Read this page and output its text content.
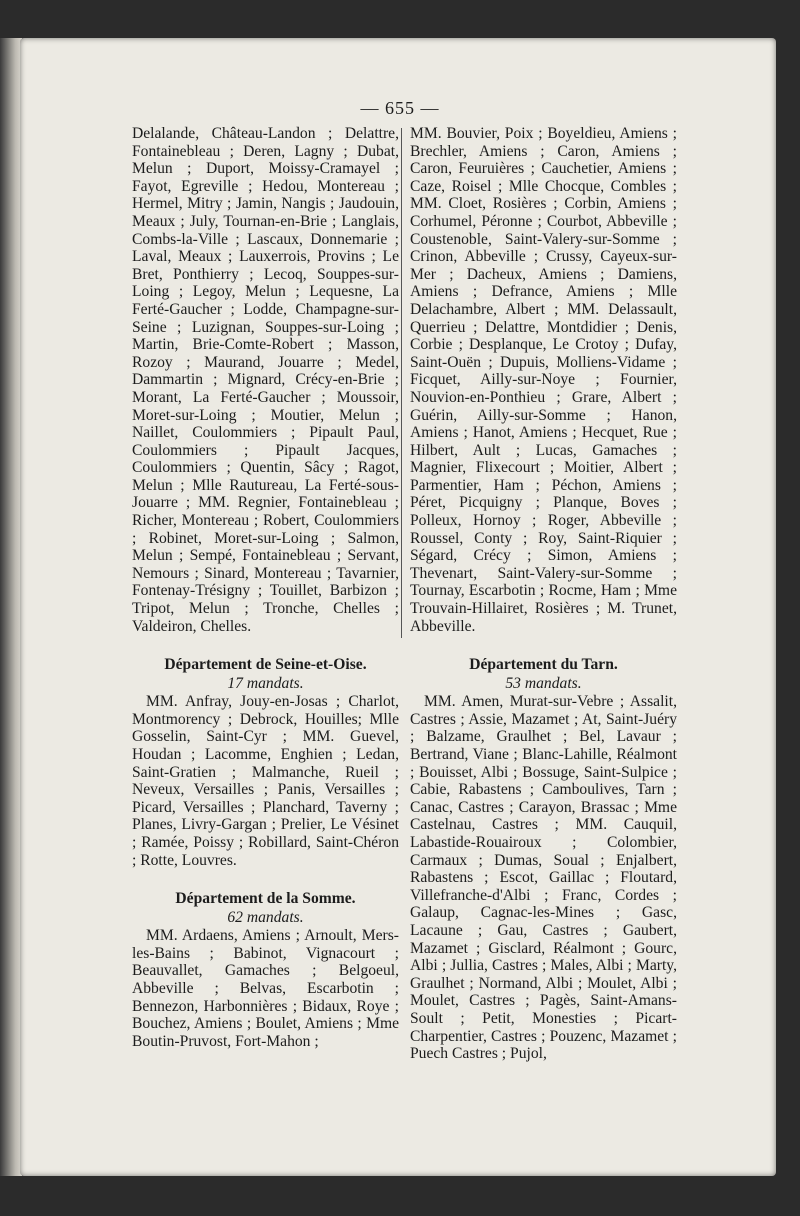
— 655 —

Delalande, Château-Landon ; Delattre, Fontainebleau ; Deren, Lagny ; Dubat, Melun ; Duport, Moissy-Cramayel ; Fayot, Egreville ; Hedou, Montereau ; Hermel, Mitry ; Jamin, Nangis ; Jaudouin, Meaux ; July, Tournan-en-Brie ; Langlais, Combs-la-Ville ; Lascaux, Donnemarie ; Laval, Meaux ; Lauxerrois, Provins ; Le Bret, Ponthierry ; Lecoq, Souppes-sur-Loing ; Legoy, Melun ; Lequesne, La Ferté-Gaucher ; Lodde, Champagne-sur-Seine ; Luzignan, Souppes-sur-Loing ; Martin, Brie-Comte-Robert ; Masson, Rozoy ; Maurand, Jouarre ; Medel, Dammartin ; Mignard, Crécy-en-Brie ; Morant, La Ferté-Gaucher ; Moussoir, Moret-sur-Loing ; Moutier, Melun ; Naillet, Coulommiers ; Pipault Paul, Coulommiers ; Pipault Jacques, Coulommiers ; Quentin, Sâcy ; Ragot, Melun ; Mlle Rautureau, La Ferté-sous-Jouarre ; MM. Regnier, Fontainebleau ; Richer, Montereau ; Robert, Coulommiers ; Robinet, Moret-sur-Loing ; Salmon, Melun ; Sempé, Fontainebleau ; Servant, Nemours ; Sinard, Montereau ; Tavarnier, Fontenay-Trésigny ; Touillet, Barbizon ; Tripot, Melun ; Tronche, Chelles ; Valdeiron, Chelles.

Département de Seine-et-Oise.

17 mandats.

MM. Anfray, Jouy-en-Josas ; Charlot, Montmorency ; Debrock, Houilles; Mlle Gosselin, Saint-Cyr ; MM. Guevel, Houdan ; Lacomme, Enghien ; Ledan, Saint-Gratien ; Malmanche, Rueil ; Neveux, Versailles ; Panis, Versailles ; Picard, Versailles ; Planchard, Taverny ; Planes, Livry-Gargan ; Prelier, Le Vésinet ; Ramée, Poissy ; Robillard, Saint-Chéron ; Rotte, Louvres.

Département de la Somme.

62 mandats.

MM. Ardaens, Amiens ; Arnoult, Mers-les-Bains ; Babinot, Vignacourt ; Beauvallet, Gamaches ; Belgoeul, Abbeville ; Belvas, Escarbotin ; Bennezon, Harbonnières ; Bidaux, Roye ; Bouchez, Amiens ; Boulet, Amiens ; Mme Boutin-Pruvost, Fort-Mahon ;

MM. Bouvier, Poix ; Boyeldieu, Amiens ; Brechler, Amiens ; Caron, Amiens ; Caron, Feuruières ; Cauchetier, Amiens ; Caze, Roisel ; Mlle Chocque, Combles ; MM. Cloet, Rosières ; Corbin, Amiens ; Corhumel, Péronne ; Courbot, Abbeville ; Coustenoble, Saint-Valery-sur-Somme ; Crinon, Abbeville ; Crussy, Cayeux-sur-Mer ; Dacheux, Amiens ; Damiens, Amiens ; Defrance, Amiens ; Mlle Delachambre, Albert ; MM. Delassault, Querrieu ; Delattre, Montdidier ; Denis, Corbie ; Desplanque, Le Crotoy ; Dufay, Saint-Ouën ; Dupuis, Molliens-Vidame ; Ficquet, Ailly-sur-Noye ; Fournier, Nouvion-en-Ponthieu ; Grare, Albert ; Guérin, Ailly-sur-Somme ; Hanon, Amiens ; Hanot, Amiens ; Hecquet, Rue ; Hilbert, Ault ; Lucas, Gamaches ; Magnier, Flixecourt ; Moitier, Albert ; Parmentier, Ham ; Péchon, Amiens ; Péret, Picquigny ; Planque, Boves ; Polleux, Hornoy ; Roger, Abbeville ; Roussel, Conty ; Roy, Saint-Riquier ; Ségard, Crécy ; Simon, Amiens ; Thevenart, Saint-Valery-sur-Somme ; Tournay, Escarbotin ; Rocme, Ham ; Mme Trouvain-Hillairet, Rosières ; M. Trunet, Abbeville.

Département du Tarn.

53 mandats.

MM. Amen, Murat-sur-Vebre ; Assalit, Castres ; Assie, Mazamet ; At, Saint-Juéry ; Balzame, Graulhet ; Bel, Lavaur ; Bertrand, Viane ; Blanc-Lahille, Réalmont ; Bouisset, Albi ; Bossuge, Saint-Sulpice ; Cabie, Rabastens ; Camboulives, Tarn ; Canac, Castres ; Carayon, Brassac ; Mme Castelnau, Castres ; MM. Cauquil, Labastide-Rouairoux ; Colombier, Carmaux ; Dumas, Soual ; Enjalbert, Rabastens ; Escot, Gaillac ; Floutard, Villefranche-d'Albi ; Franc, Cordes ; Galaup, Cagnac-les-Mines ; Gasc, Lacaune ; Gau, Castres ; Gaubert, Mazamet ; Gisclard, Réalmont ; Gourc, Albi ; Jullia, Castres ; Males, Albi ; Marty, Graulhet ; Normand, Albi ; Moulet, Albi ; Moulet, Castres ; Pagès, Saint-Amans-Soult ; Petit, Monesties ; Picart-Charpentier, Castres ; Pouzenc, Mazamet ; Puech Castres ; Pujol,
